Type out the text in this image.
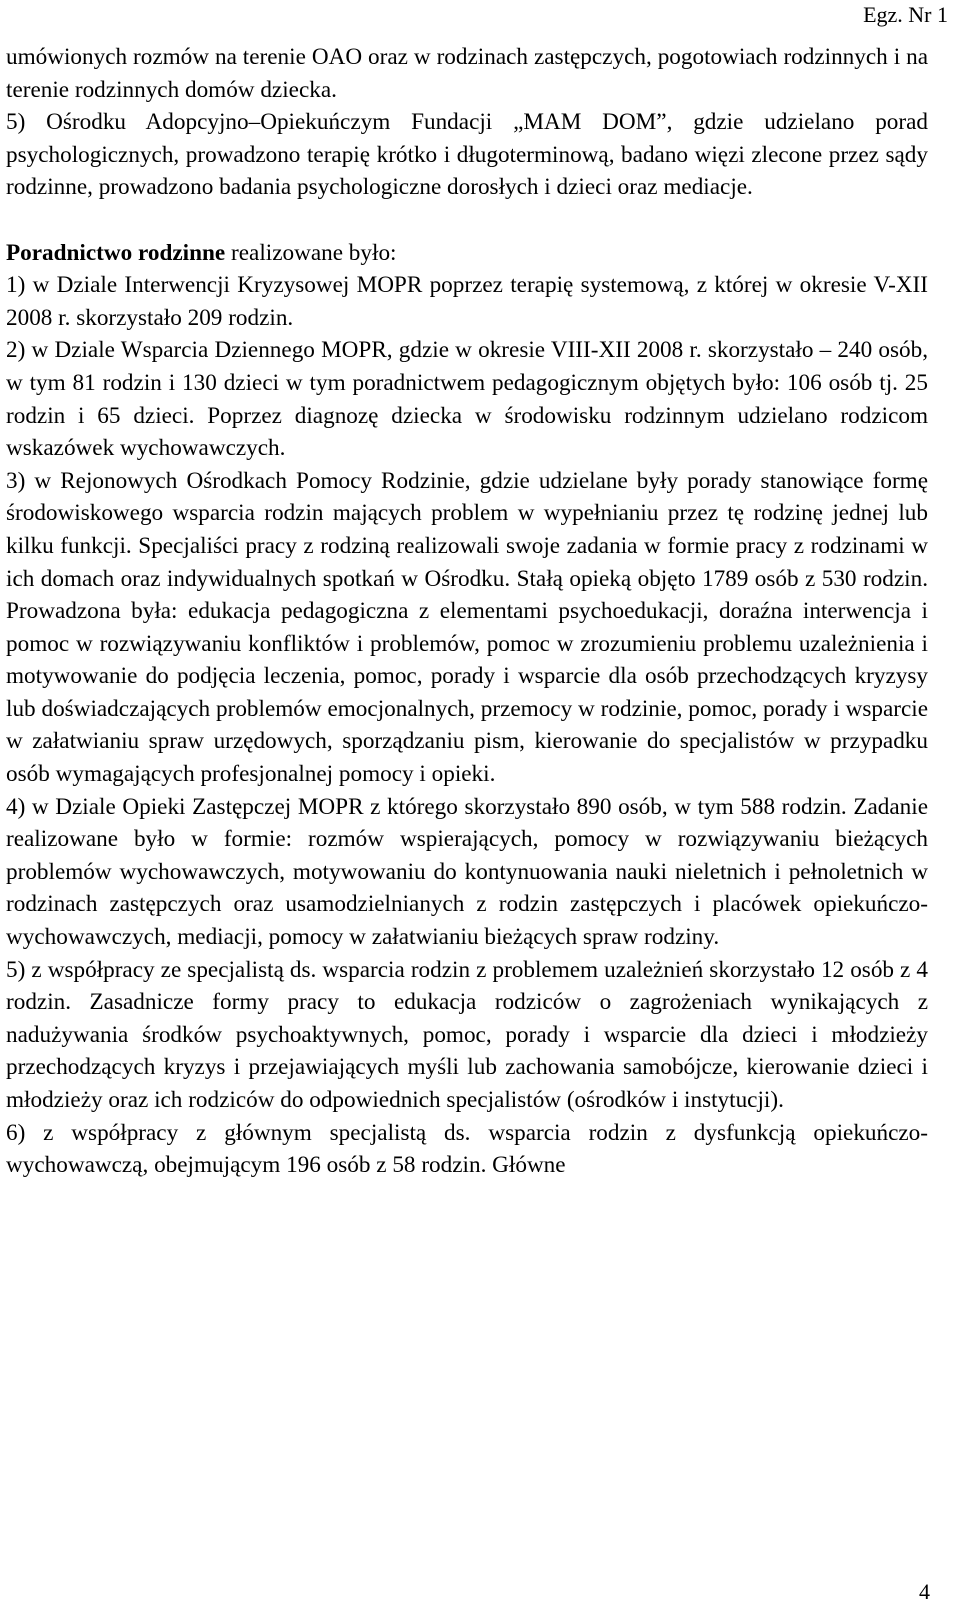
Egz. Nr 1

umówionych rozmów na terenie OAO oraz w rodzinach zastępczych, pogotowiach rodzinnych i na terenie rodzinnych domów dziecka.

5) Ośrodku Adopcyjno–Opiekuńczym Fundacji „MAM DOM”, gdzie udzielano porad psychologicznych, prowadzono terapię krótko i długoterminową, badano więzi zlecone przez sądy rodzinne, prowadzono badania psychologiczne dorosłych i dzieci oraz mediacje.

Poradnictwo rodzinne realizowane było:

1) w Dziale Interwencji Kryzysowej MOPR poprzez terapię systemową, z której w okresie V-XII 2008 r. skorzystało 209 rodzin.

2) w Dziale Wsparcia Dziennego MOPR, gdzie w okresie VIII-XII 2008 r. skorzystało – 240 osób, w tym 81 rodzin i 130 dzieci w tym poradnictwem pedagogicznym objętych było: 106 osób tj. 25 rodzin i 65 dzieci. Poprzez diagnozę dziecka w środowisku rodzinnym udzielano rodzicom wskazówek wychowawczych.

3) w Rejonowych Ośrodkach Pomocy Rodzinie, gdzie udzielane były porady stanowiące formę środowiskowego wsparcia rodzin mających problem w wypełnianiu przez tę rodzinę jednej lub kilku funkcji. Specjaliści pracy z rodziną realizowali swoje zadania w formie pracy z rodzinami w ich domach oraz indywidualnych spotkań w Ośrodku. Stałą opieką objęto 1789 osób z 530 rodzin. Prowadzona była: edukacja pedagogiczna z elementami psychoedukacji, doraźna interwencja i pomoc w rozwiązywaniu konfliktów i problemów, pomoc w zrozumieniu problemu uzależnienia i motywowanie do podjęcia leczenia, pomoc, porady i wsparcie dla osób przechodzących kryzysy lub doświadczających problemów emocjonalnych, przemocy w rodzinie, pomoc, porady i wsparcie w załatwianiu spraw urzędowych, sporządzaniu pism, kierowanie do specjalistów w przypadku osób wymagających profesjonalnej pomocy i opieki.

4) w Dziale Opieki Zastępczej MOPR z którego skorzystało 890 osób, w tym 588 rodzin. Zadanie realizowane było w formie: rozmów wspierających, pomocy w rozwiązywaniu bieżących problemów wychowawczych, motywowaniu do kontynuowania nauki nieletnich i pełnoletnich w rodzinach zastępczych oraz usamodzielnianych z rodzin zastępczych i placówek opiekuńczo- wychowawczych, mediacji, pomocy w załatwianiu bieżących spraw rodziny.

5) z współpracy ze specjalistą ds. wsparcia rodzin z problemem uzależnień skorzystało 12 osób z 4 rodzin. Zasadnicze formy pracy to edukacja rodziców o zagrożeniach wynikających z nadużywania środków psychoaktywnych, pomoc, porady i wsparcie dla dzieci i młodzieży przechodzących kryzys i przejawiających myśli lub zachowania samobójcze, kierowanie dzieci i młodzieży oraz ich rodziców do odpowiednich specjalistów (ośrodków i instytucji).

6) z współpracy z głównym specjalistą ds. wsparcia rodzin z dysfunkcją opiekuńczo-wychowawczą, obejmującym 196 osób z 58 rodzin. Główne

4
